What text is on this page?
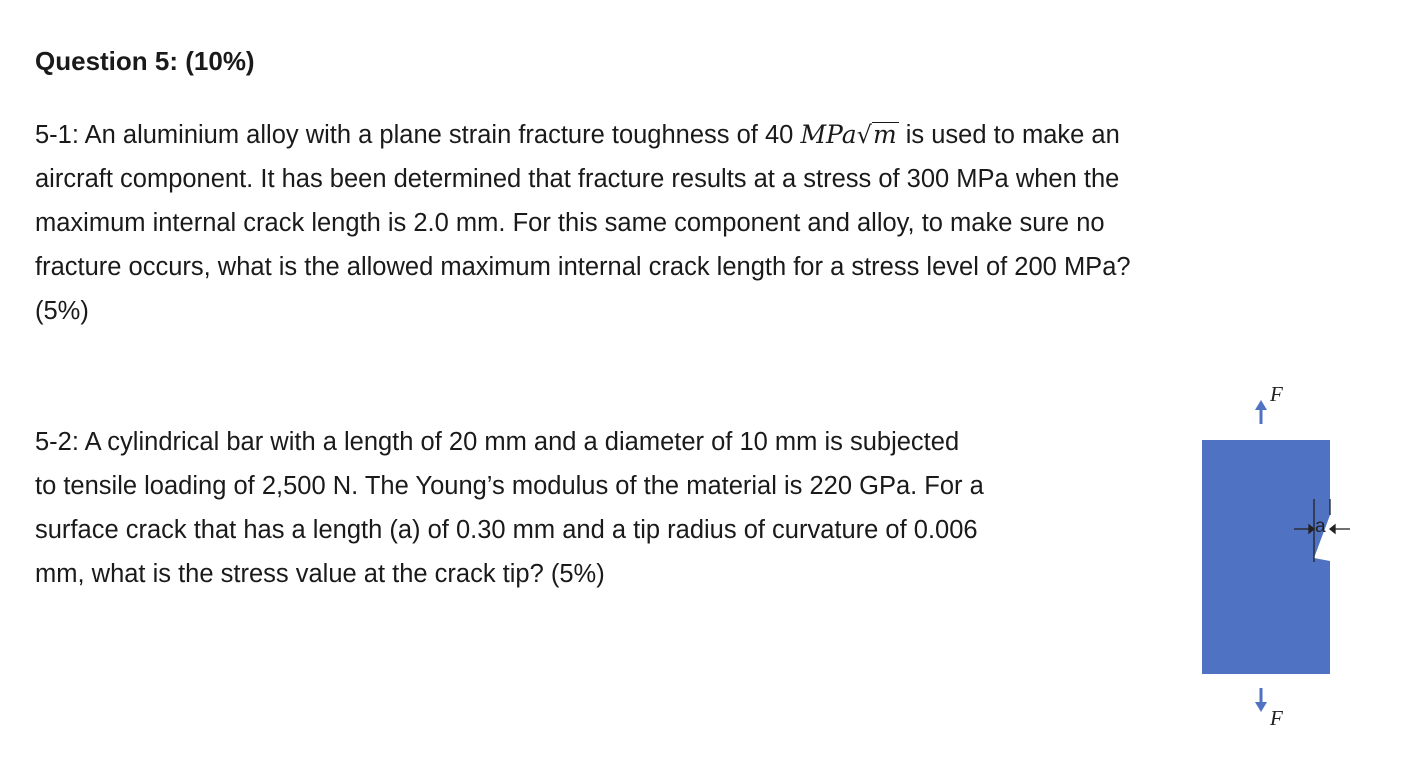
Question 5: (10%)
5-1: An aluminium alloy with a plane strain fracture toughness of 40 MPa√m is used to make an
aircraft component. It has been determined that fracture results at a stress of 300 MPa when the
maximum internal crack length is 2.0 mm. For this same component and alloy, to make sure no
fracture occurs, what is the allowed maximum internal crack length for a stress level of 200 MPa?
(5%)
5-2: A cylindrical bar with a length of 20 mm and a diameter of 10 mm is subjected
to tensile loading of 2,500 N. The Young’s modulus of the material is 220 GPa. For a
surface crack that has a length (a) of 0.30 mm and a tip radius of curvature of 0.006
mm, what is the stress value at the crack tip? (5%)
F
a
F
